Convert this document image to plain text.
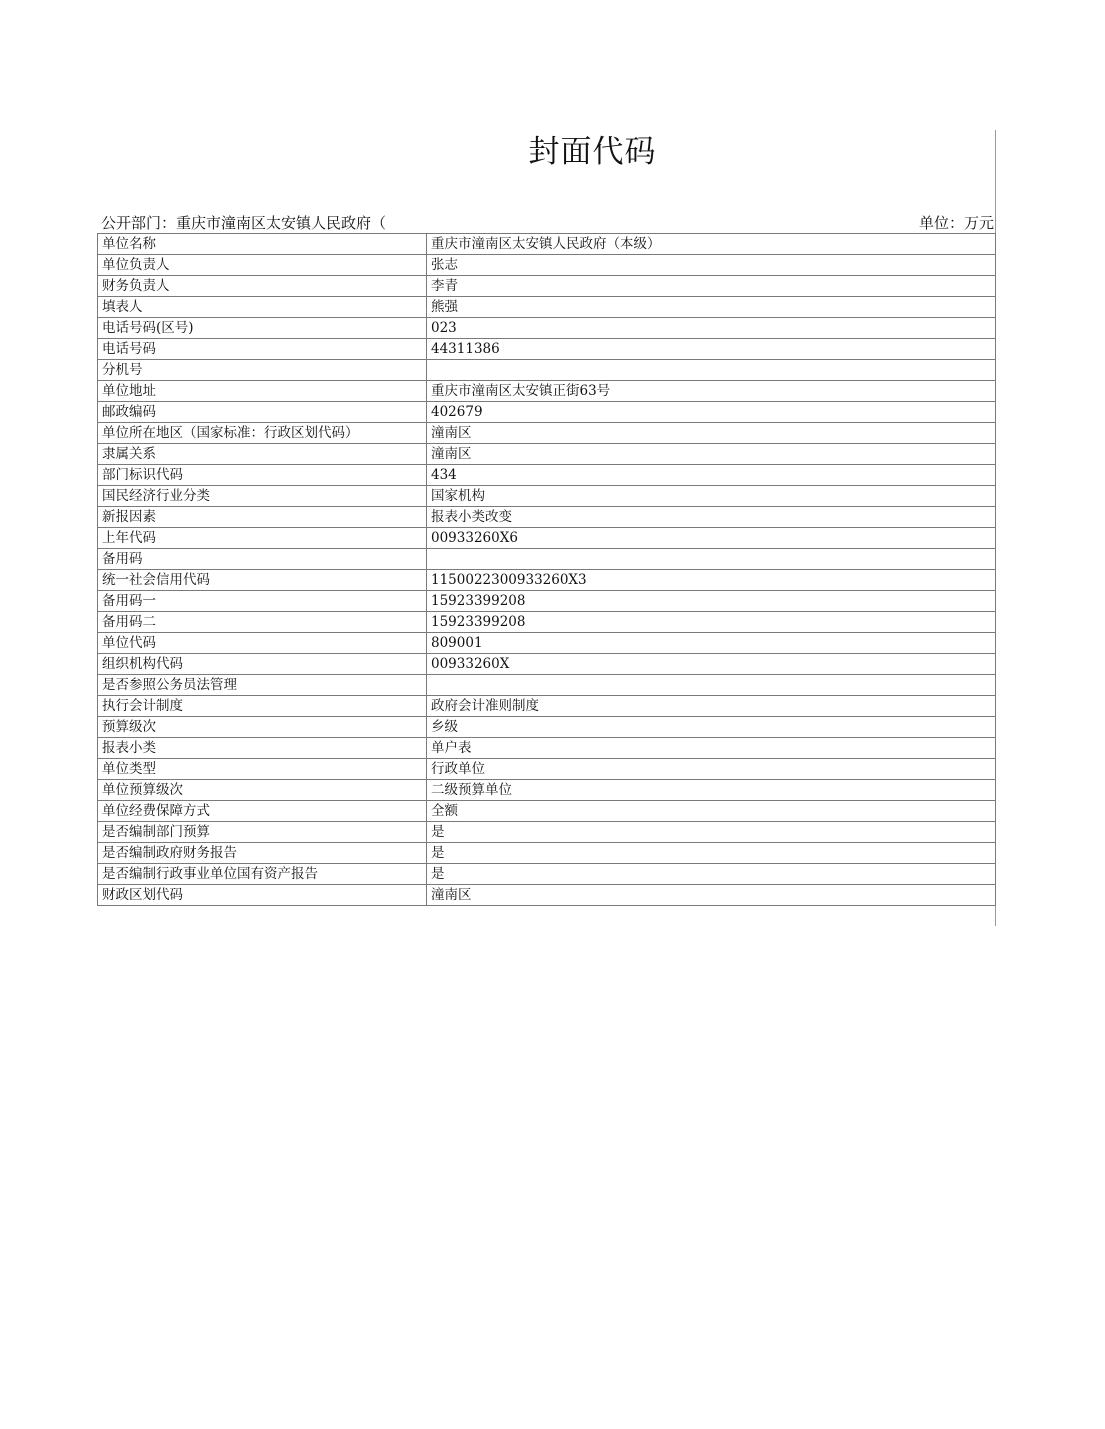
封面代码
公开部门：重庆市潼南区太安镇人民政府（	单位：万元
单位名称	重庆市潼南区太安镇人民政府（本级）
单位负责人	张志
财务负责人	李青
填表人	熊强
电话号码(区号)	023
电话号码	44311386
分机号	
单位地址	重庆市潼南区太安镇正街63号
邮政编码	402679
单位所在地区（国家标准：行政区划代码）	潼南区
隶属关系	潼南区
部门标识代码	434
国民经济行业分类	国家机构
新报因素	报表小类改变
上年代码	00933260X6
备用码	
统一社会信用代码	1150022300933260X3
备用码一	15923399208
备用码二	15923399208
单位代码	809001
组织机构代码	00933260X
是否参照公务员法管理	
执行会计制度	政府会计准则制度
预算级次	乡级
报表小类	单户表
单位类型	行政单位
单位预算级次	二级预算单位
单位经费保障方式	全额
是否编制部门预算	是
是否编制政府财务报告	是
是否编制行政事业单位国有资产报告	是
财政区划代码	潼南区
